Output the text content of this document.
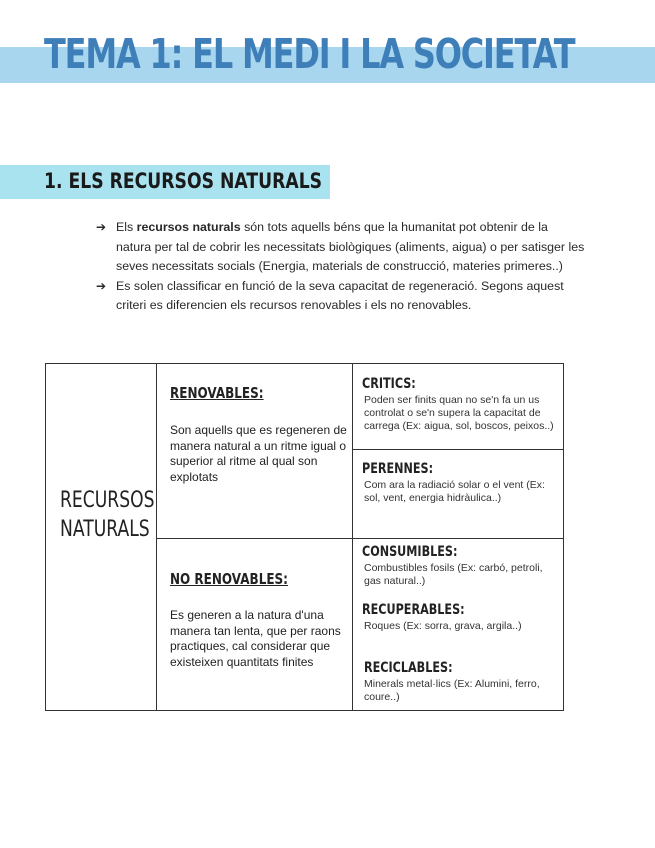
TEMA 1: EL MEDI I LA SOCIETAT
1. ELS RECURSOS NATURALS

➔ Els recursos naturals són tots aquells béns que la humanitat pot obtenir de la natura per tal de cobrir les necessitats biològiques (aliments, aigua) o per satisger les seves necessitats socials (Energia, materials de construcció, materies primeres..)

➔ Es solen classificar en funció de la seva capacitat de regeneració. Segons aquest criteri es diferencien els recursos renovables i els no renovables.

RECURSOS
NATURALS
RENOVABLES:
Son aquells que es regeneren de manera natural a un ritme igual o superior al ritme al qual son explotats
CRITICS:
Poden ser finits quan no se'n fa un us controlat o se'n supera la capacitat de carrega (Ex: aigua, sol, boscos, peixos..)
PERENNES:
Com ara la radiació solar o el vent (Ex: sol, vent, energia hidràulica..)
NO RENOVABLES:
Es generen a la natura d'una manera tan lenta, que per raons practiques, cal considerar que existeixen quantitats finites
CONSUMIBLES:
Combustibles fosils (Ex: carbó, petroli, gas natural..)
RECUPERABLES:
Roques (Ex: sorra, grava, argila..)
RECICLABLES:
Minerals metal·lics (Ex: Alumini, ferro, coure..)
